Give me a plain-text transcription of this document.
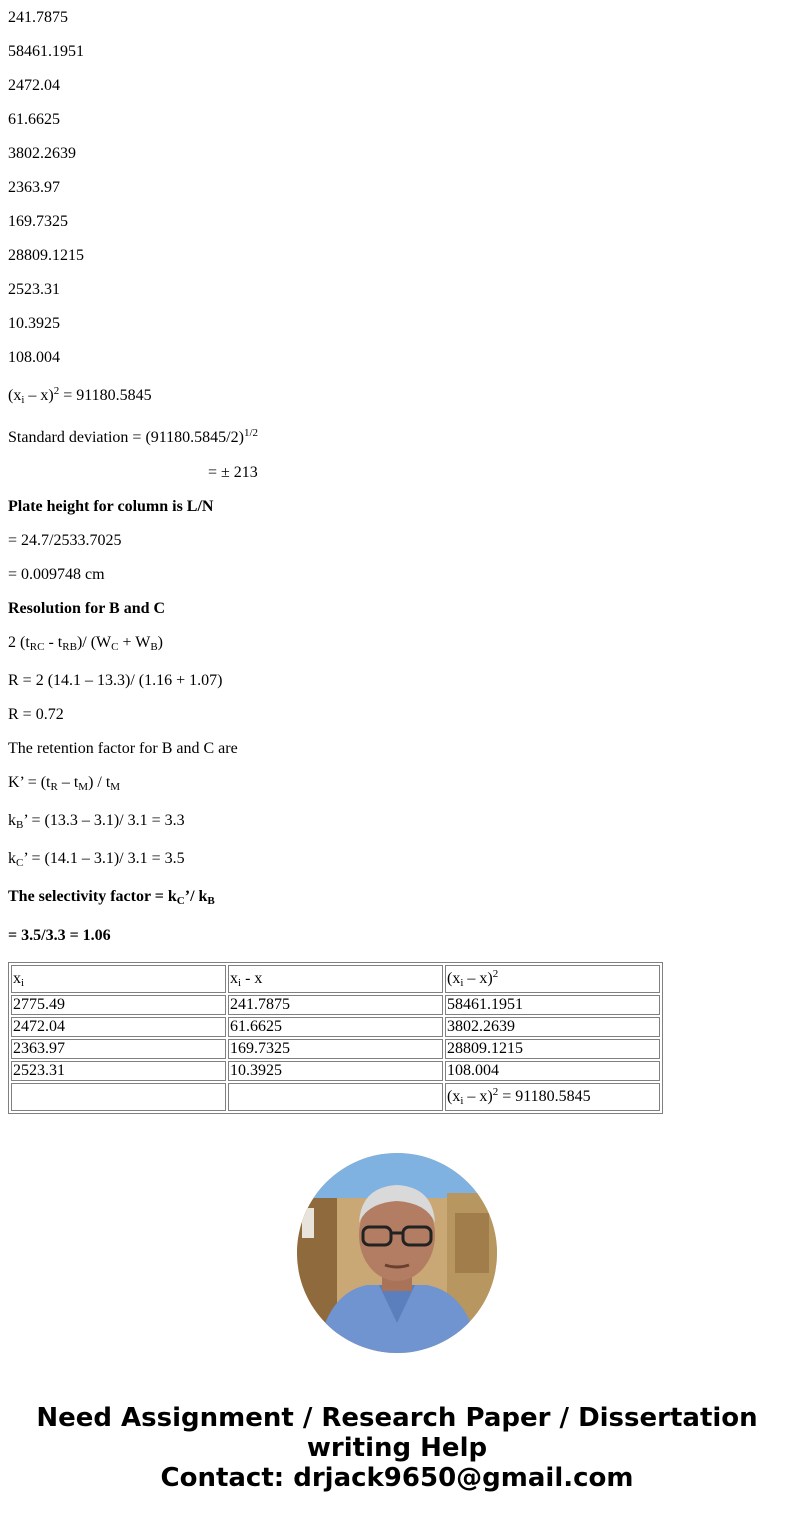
241.7875
58461.1951
2472.04
61.6625
3802.2639
2363.97
169.7325
28809.1215
2523.31
10.3925
108.004
$(x_i - x)^2 = 91180.5845$
Standard deviation = $(91180.5845/2)^{1/2}$
= ± 213
Plate height for column is L/N
= 24.7/2533.7025
= 0.009748 cm
Resolution for B and C
2 $(t_{RC} - t_{RB})/$ $(W_C + W_B)$
R = 2 (14.1 – 13.3)/ (1.16 + 1.07)
R = 0.72
The retention factor for B and C are
K’ = $(t_R - t_M) / t_M$
$k_B$’ = (13.3 – 3.1)/ 3.1 = 3.3
$k_C$’ = (14.1 – 3.1)/ 3.1 = 3.5
The selectivity factor = $k_C’/$ $k_B$
= 3.5/3.3 = 1.06
$x_i$	$x_i$ - x	$(x_i - x)^2$
2775.49	241.7875	58461.1951
2472.04	61.6625	3802.2639
2363.97	169.7325	28809.1215
2523.31	10.3925	108.004
		$(x_i - x)^2 = 91180.5845$
Need Assignment / Research Paper / Dissertation
writing Help
Contact: drjack9650@gmail.com
